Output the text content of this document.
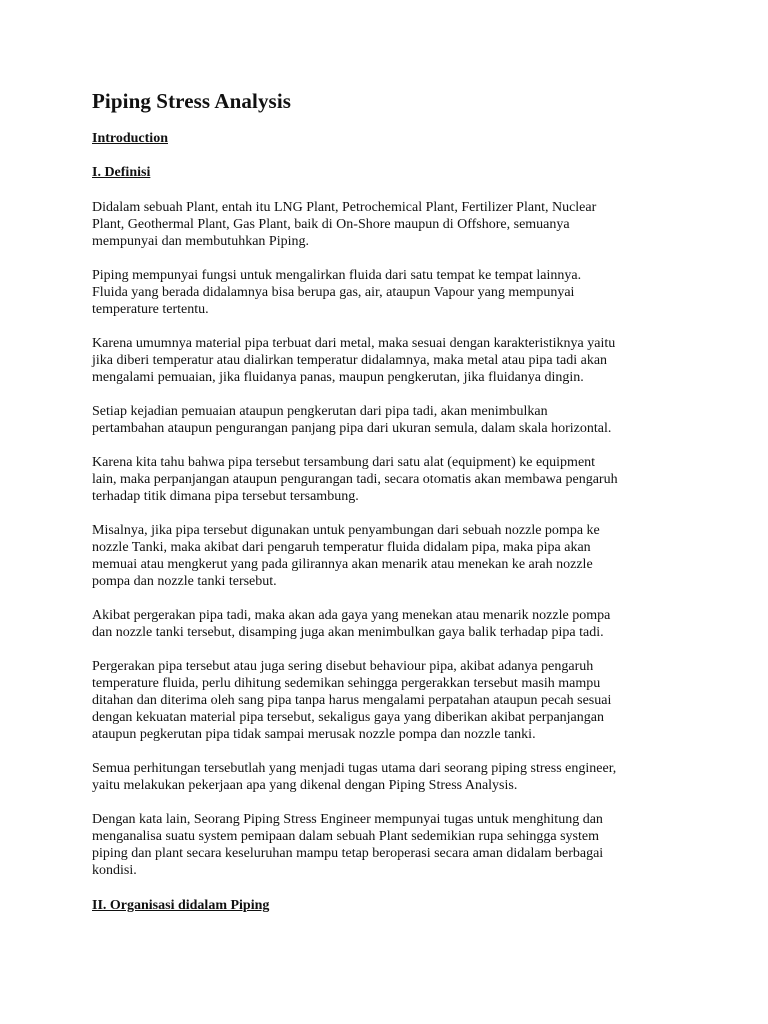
Piping Stress Analysis
Introduction
I. Definisi

Didalam sebuah Plant, entah itu LNG Plant, Petrochemical Plant, Fertilizer Plant, Nuclear
Plant, Geothermal Plant, Gas Plant, baik di On-Shore maupun di Offshore, semuanya
mempunyai dan membutuhkan Piping.

Piping mempunyai fungsi untuk mengalirkan fluida dari satu tempat ke tempat lainnya.
Fluida yang berada didalamnya bisa berupa gas, air, ataupun Vapour yang mempunyai
temperature tertentu.

Karena umumnya material pipa terbuat dari metal, maka sesuai dengan karakteristiknya yaitu
jika diberi temperatur atau dialirkan temperatur didalamnya, maka metal atau pipa tadi akan
mengalami pemuaian, jika fluidanya panas, maupun pengkerutan, jika fluidanya dingin.

Setiap kejadian pemuaian ataupun pengkerutan dari pipa tadi, akan menimbulkan
pertambahan ataupun pengurangan panjang pipa dari ukuran semula, dalam skala horizontal.

Karena kita tahu bahwa pipa tersebut tersambung dari satu alat (equipment) ke equipment
lain, maka perpanjangan ataupun pengurangan tadi, secara otomatis akan membawa pengaruh
terhadap titik dimana pipa tersebut tersambung.

Misalnya, jika pipa tersebut digunakan untuk penyambungan dari sebuah nozzle pompa ke
nozzle Tanki, maka akibat dari pengaruh temperatur fluida didalam pipa, maka pipa akan
memuai atau mengkerut yang pada gilirannya akan menarik atau menekan ke arah nozzle
pompa dan nozzle tanki tersebut.

Akibat pergerakan pipa tadi, maka akan ada gaya yang menekan atau menarik nozzle pompa
dan nozzle tanki tersebut, disamping juga akan menimbulkan gaya balik terhadap pipa tadi.

Pergerakan pipa tersebut atau juga sering disebut behaviour pipa, akibat adanya pengaruh
temperature fluida, perlu dihitung sedemikan sehingga pergerakkan tersebut masih mampu
ditahan dan diterima oleh sang pipa tanpa harus mengalami perpatahan ataupun pecah sesuai
dengan kekuatan material pipa tersebut, sekaligus gaya yang diberikan akibat perpanjangan
ataupun pegkerutan pipa tidak sampai merusak nozzle pompa dan nozzle tanki.

Semua perhitungan tersebutlah yang menjadi tugas utama dari seorang piping stress engineer,
yaitu melakukan pekerjaan apa yang dikenal dengan Piping Stress Analysis.

Dengan kata lain, Seorang Piping Stress Engineer mempunyai tugas untuk menghitung dan
menganalisa suatu system pemipaan dalam sebuah Plant sedemikian rupa sehingga system
piping dan plant secara keseluruhan mampu tetap beroperasi secara aman didalam berbagai
kondisi.

II. Organisasi didalam Piping
